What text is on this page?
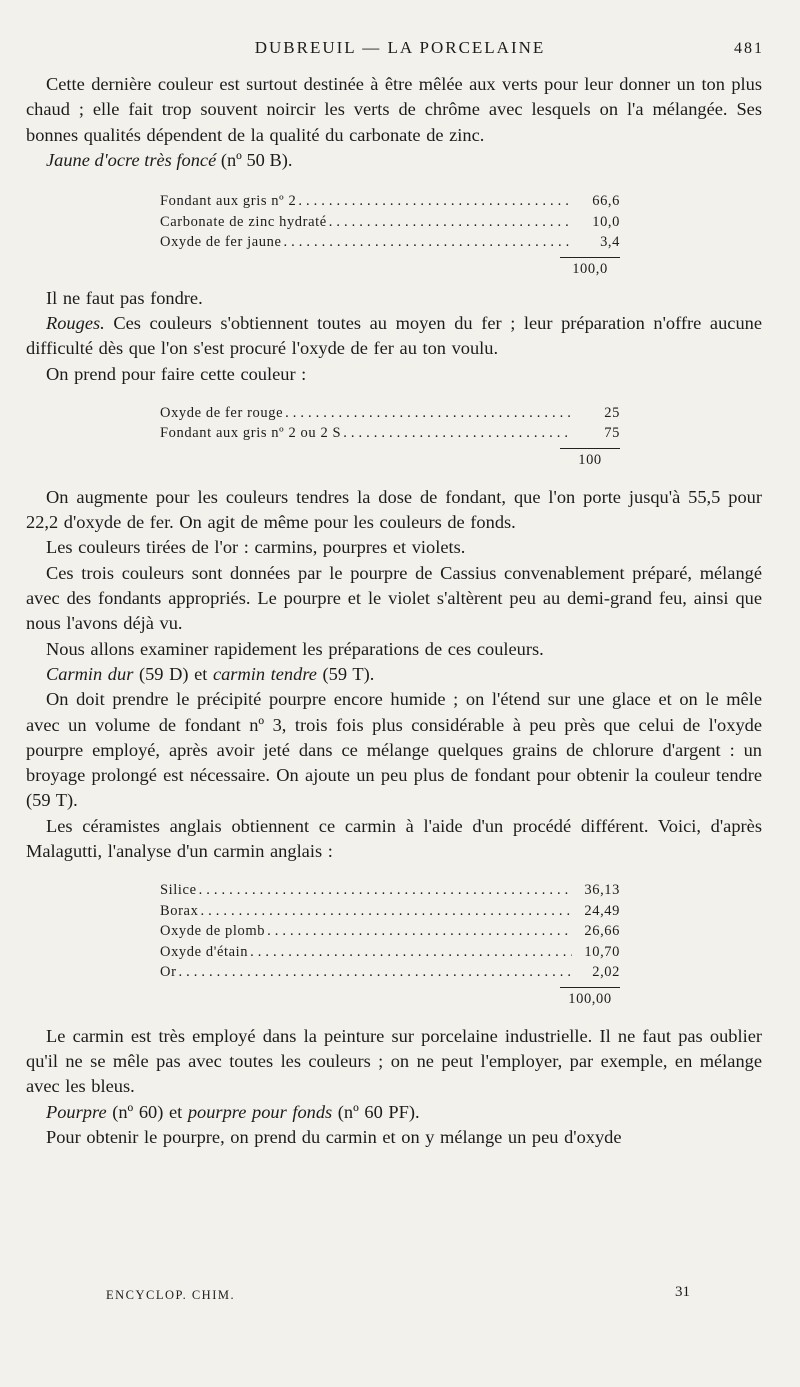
DUBREUIL — LA PORCELAINE	481

Cette dernière couleur est surtout destinée à être mêlée aux verts pour leur donner un ton plus chaud ; elle fait trop souvent noircir les verts de chrôme avec lesquels on l'a mélangée. Ses bonnes qualités dépendent de la qualité du carbonate de zinc.

Jaune d'ocre très foncé (nº 50 B).
Fondant aux gris nº 2 .....	66,6
Carbonate de zinc hydraté .....	10,0
Oxyde de fer jaune .....	3,4
100,0

Il ne faut pas fondre.

Rouges. Ces couleurs s'obtiennent toutes au moyen du fer ; leur préparation n'offre aucune difficulté dès que l'on s'est procuré l'oxyde de fer au ton voulu.

On prend pour faire cette couleur :

Oxyde de fer rouge .....	25
Fondant aux gris nº 2 ou 2 S .....	75
100

On augmente pour les couleurs tendres la dose de fondant, que l'on porte jusqu'à 55,5 pour 22,2 d'oxyde de fer. On agit de même pour les couleurs de fonds.

Les couleurs tirées de l'or : carmins, pourpres et violets.

Ces trois couleurs sont données par le pourpre de Cassius convenablement préparé, mélangé avec des fondants appropriés. Le pourpre et le violet s'altèrent peu au demi-grand feu, ainsi que nous l'avons déjà vu.

Nous allons examiner rapidement les préparations de ces couleurs.

Carmin dur (59 D) et carmin tendre (59 T).

On doit prendre le précipité pourpre encore humide ; on l'étend sur une glace et on le mêle avec un volume de fondant nº 3, trois fois plus considérable à peu près que celui de l'oxyde pourpre employé, après avoir jeté dans ce mélange quelques grains de chlorure d'argent : un broyage prolongé est nécessaire. On ajoute un peu plus de fondant pour obtenir la couleur tendre (59 T).

Les céramistes anglais obtiennent ce carmin à l'aide d'un procédé différent. Voici, d'après Malagutti, l'analyse d'un carmin anglais :

Silice .....	36,13
Borax .....	24,49
Oxyde de plomb .....	26,66
Oxyde d'étain .....	10,70
Or .....	2,02
100,00

Le carmin est très employé dans la peinture sur porcelaine industrielle. Il ne faut pas oublier qu'il ne se mêle pas avec toutes les couleurs ; on ne peut l'employer, par exemple, en mélange avec les bleus.

Pourpre (nº 60) et pourpre pour fonds (nº 60 PF).

Pour obtenir le pourpre, on prend du carmin et on y mélange un peu d'oxyde

ENCYCLOP. CHIM.	31
